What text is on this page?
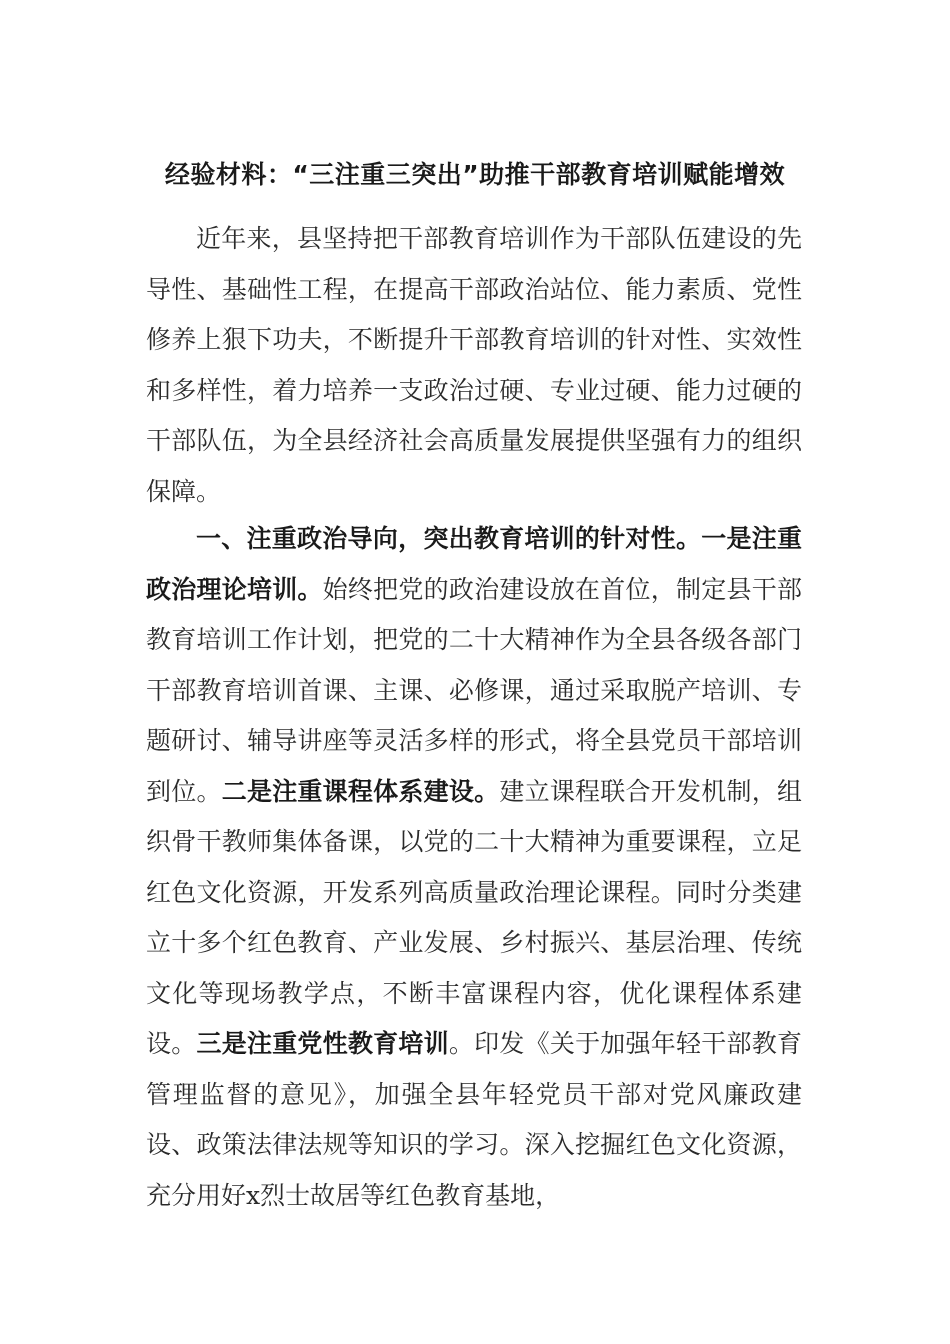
经验材料：“三注重三突出”助推干部教育培训赋能增效
近年来，县坚持把干部教育培训作为干部队伍建设的先导性、基础性工程，在提高干部政治站位、能力素质、党性修养上狠下功夫，不断提升干部教育培训的针对性、实效性和多样性，着力培养一支政治过硬、专业过硬、能力过硬的干部队伍，为全县经济社会高质量发展提供坚强有力的组织保障。
一、注重政治导向，突出教育培训的针对性。一是注重政治理论培训。始终把党的政治建设放在首位，制定县干部教育培训工作计划，把党的二十大精神作为全县各级各部门干部教育培训首课、主课、必修课，通过采取脱产培训、专题研讨、辅导讲座等灵活多样的形式，将全县党员干部培训到位。二是注重课程体系建设。建立课程联合开发机制，组织骨干教师集体备课，以党的二十大精神为重要课程，立足红色文化资源，开发系列高质量政治理论课程。同时分类建立十多个红色教育、产业发展、乡村振兴、基层治理、传统文化等现场教学点，不断丰富课程内容，优化课程体系建设。三是注重党性教育培训。印发《关于加强年轻干部教育管理监督的意见》，加强全县年轻党员干部对党风廉政建设、政策法律法规等知识的学习。深入挖掘红色文化资源，充分用好x烈士故居等红色教育基地，
